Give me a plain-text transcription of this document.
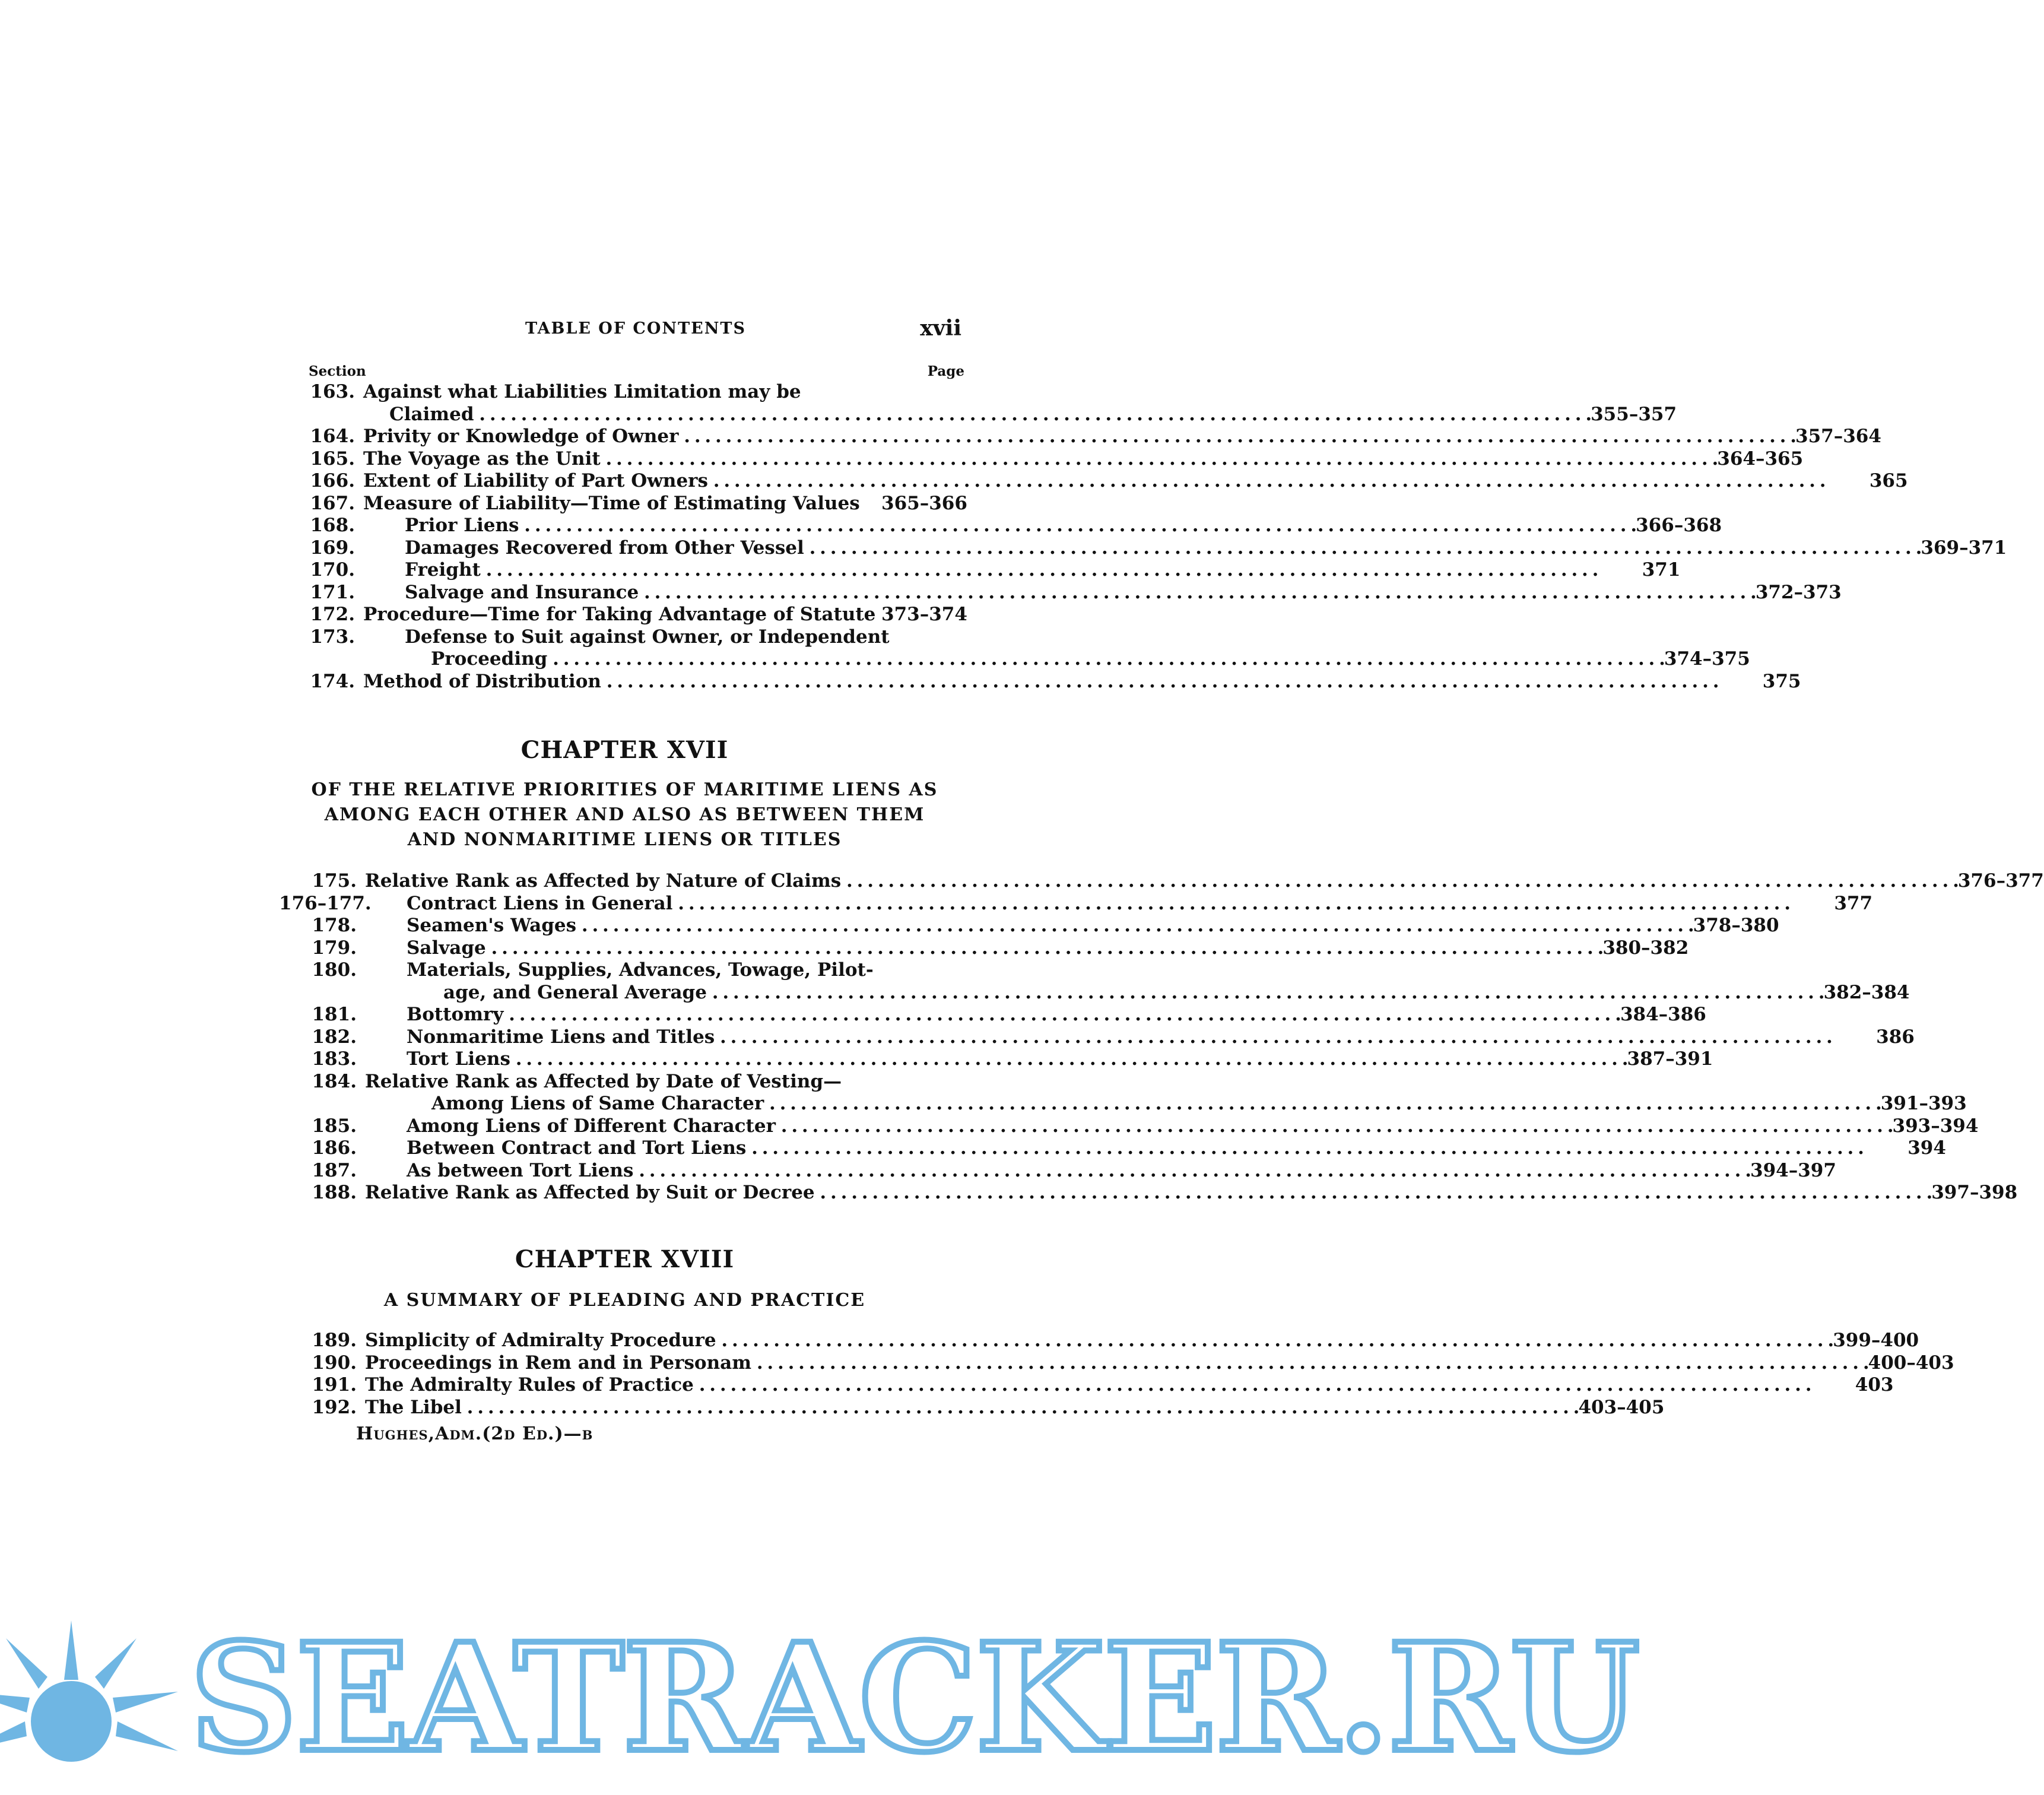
TABLE OF CONTENTS	xvii
Section	Page
163. Against what Liabilities Limitation may be
Claimed . . .	355–357
164. Privity or Knowledge of Owner . . .	357–364
165. The Voyage as the Unit . . .	364–365
166. Extent of Liability of Part Owners . . .	365
167. Measure of Liability—Time of Estimating Values	365–366
168.	Prior Liens . . .	366–368
169.	Damages Recovered from Other Vessel . . .	369–371
170.	Freight . . .	371
171.	Salvage and Insurance . . .	372–373
172. Procedure—Time for Taking Advantage of Statute 373–374
173.	Defense to Suit against Owner, or Independent
Proceeding . . .	374–375
174. Method of Distribution . . .	375
CHAPTER XVII
OF THE RELATIVE PRIORITIES OF MARITIME LIENS AS
AMONG EACH OTHER AND ALSO AS BETWEEN THEM
AND NONMARITIME LIENS OR TITLES
175. Relative Rank as Affected by Nature of Claims . . .	376–377
176–177.	Contract Liens in General . . .	377
178.	Seamen's Wages . . .	378–380
179.	Salvage . . .	380–382
180.	Materials, Supplies, Advances, Towage, Pilot-
age, and General Average . . .	382–384
181.	Bottomry . . .	384–386
182.	Nonmaritime Liens and Titles . . .	386
183.	Tort Liens . . .	387–391
184. Relative Rank as Affected by Date of Vesting—
Among Liens of Same Character . . .	391–393
185.	Among Liens of Different Character . . .	393–394
186.	Between Contract and Tort Liens . . .	394
187.	As between Tort Liens . . .	394–397
188. Relative Rank as Affected by Suit or Decree . . .	397–398
CHAPTER XVIII
A SUMMARY OF PLEADING AND PRACTICE
189. Simplicity of Admiralty Procedure . . .	399–400
190. Proceedings in Rem and in Personam . . .	400–403
191. The Admiralty Rules of Practice . . .	403
192. The Libel . . .	403–405
Hughes,Adm.(2d Ed.)—b
SEATRACKER.RU
